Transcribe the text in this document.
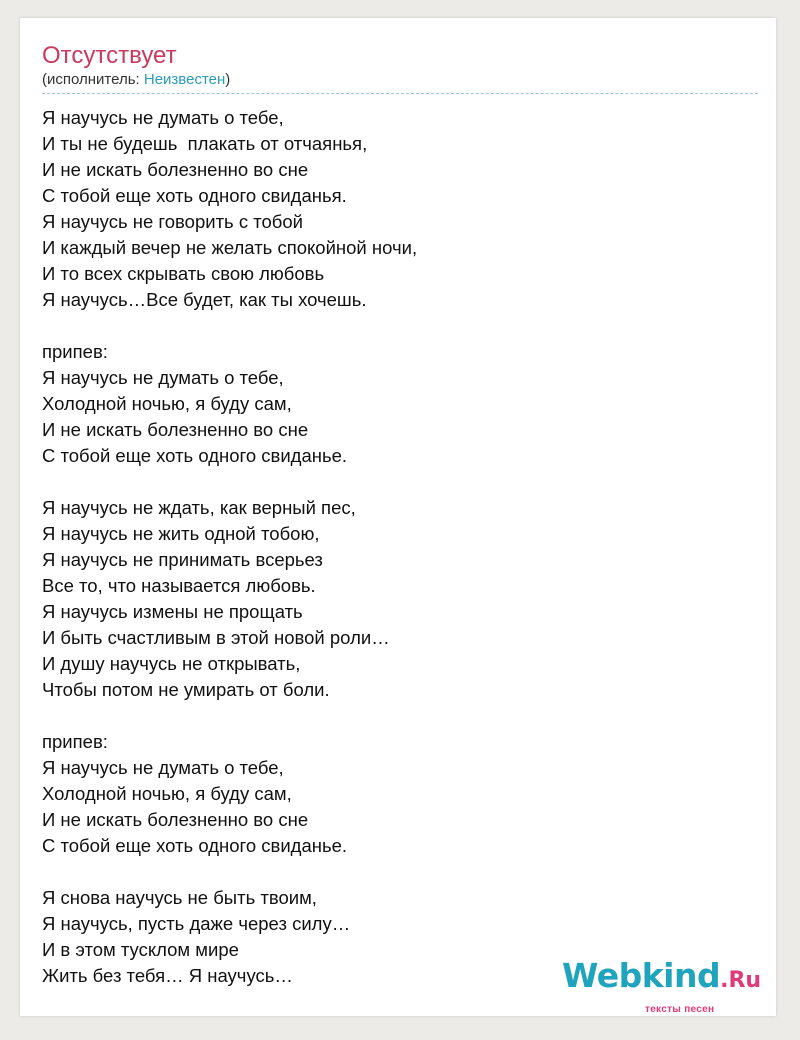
Отсутствует
(исполнитель: Неизвестен)
Я научусь не думать о тебе,
И ты не будешь  плакать от отчаянья,
И не искать болезненно во сне
С тобой еще хоть одного свиданья.
Я научусь не говорить с тобой
И каждый вечер не желать спокойной ночи,
И то всех скрывать свою любовь
Я научусь…Все будет, как ты хочешь.
припев:
Я научусь не думать о тебе,
Холодной ночью, я буду сам,
И не искать болезненно во сне
С тобой еще хоть одного свиданье.
Я научусь не ждать, как верный пес,
Я научусь не жить одной тобою,
Я научусь не принимать всерьез
Все то, что называется любовь.
Я научусь измены не прощать
И быть счастливым в этой новой роли…
И душу научусь не открывать,
Чтобы потом не умирать от боли.
припев:
Я научусь не думать о тебе,
Холодной ночью, я буду сам,
И не искать болезненно во сне
С тобой еще хоть одного свиданье.
Я снова научусь не быть твоим,
Я научусь, пусть даже через силу…
И в этом тусклом мире
Жить без тебя… Я научусь…	Webkind.Ru
тексты песен
